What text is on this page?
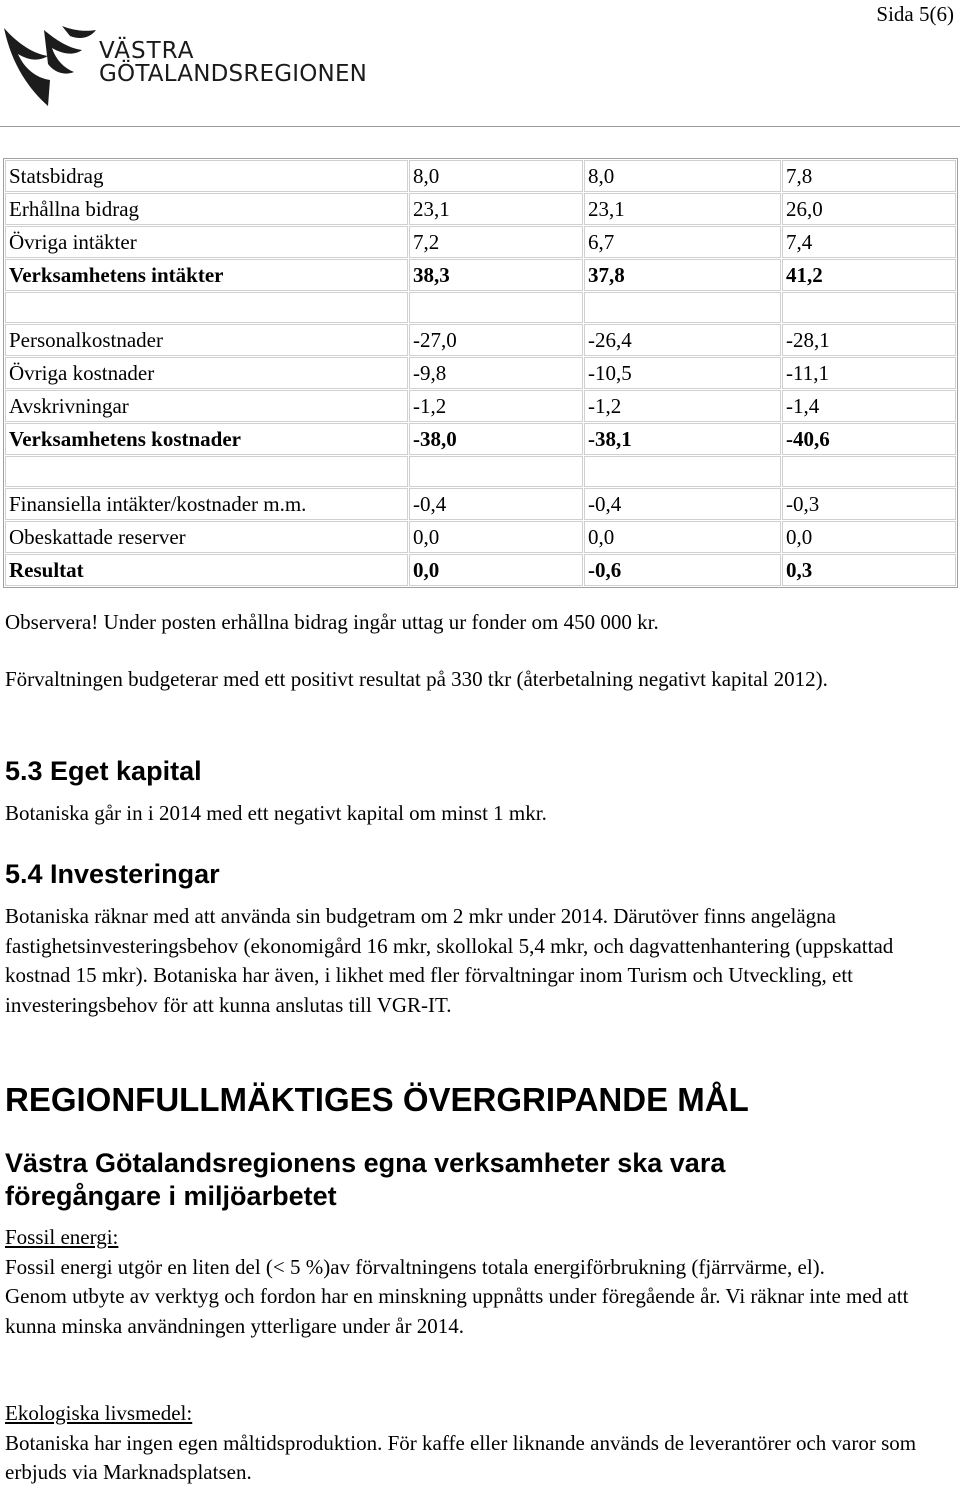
Sida 5(6)
VÄSTRA
GÖTALANDSREGIONEN
Statsbidrag	8,0	8,0	7,8
Erhållna bidrag	23,1	23,1	26,0
Övriga intäkter	7,2	6,7	7,4
Verksamhetens intäkter	38,3	37,8	41,2

Personalkostnader	-27,0	-26,4	-28,1
Övriga kostnader	-9,8	-10,5	-11,1
Avskrivningar	-1,2	-1,2	-1,4
Verksamhetens kostnader	-38,0	-38,1	-40,6

Finansiella intäkter/kostnader m.m.	-0,4	-0,4	-0,3
Obeskattade reserver	0,0	0,0	0,0
Resultat	0,0	-0,6	0,3

Observera! Under posten erhållna bidrag ingår uttag ur fonder om 450 000 kr.

Förvaltningen budgeterar med ett positivt resultat på 330 tkr (återbetalning negativt kapital 2012).

5.3 Eget kapital

Botaniska går in i 2014 med ett negativt kapital om minst 1 mkr.

5.4 Investeringar

Botaniska räknar med att använda sin budgetram om 2 mkr under 2014. Därutöver finns angelägna fastighetsinvesteringsbehov (ekonomigård 16 mkr, skollokal 5,4 mkr, och dagvattenhantering (uppskattad kostnad 15 mkr). Botaniska har även, i likhet med fler förvaltningar inom Turism och Utveckling, ett investeringsbehov för att kunna anslutas till VGR-IT.

REGIONFULLMÄKTIGES ÖVERGRIPANDE MÅL
Västra Götalandsregionens egna verksamheter ska vara föregångare i miljöarbetet

Fossil energi:

Fossil energi utgör en liten del (< 5 %)av förvaltningens totala energiförbrukning (fjärrvärme, el).

Genom utbyte av verktyg och fordon har en minskning uppnåtts under föregående år. Vi räknar inte med att kunna minska användningen ytterligare under år 2014.

Ekologiska livsmedel:

Botaniska har ingen egen måltidsproduktion. För kaffe eller liknande används de leverantörer och varor som erbjuds via Marknadsplatsen.
